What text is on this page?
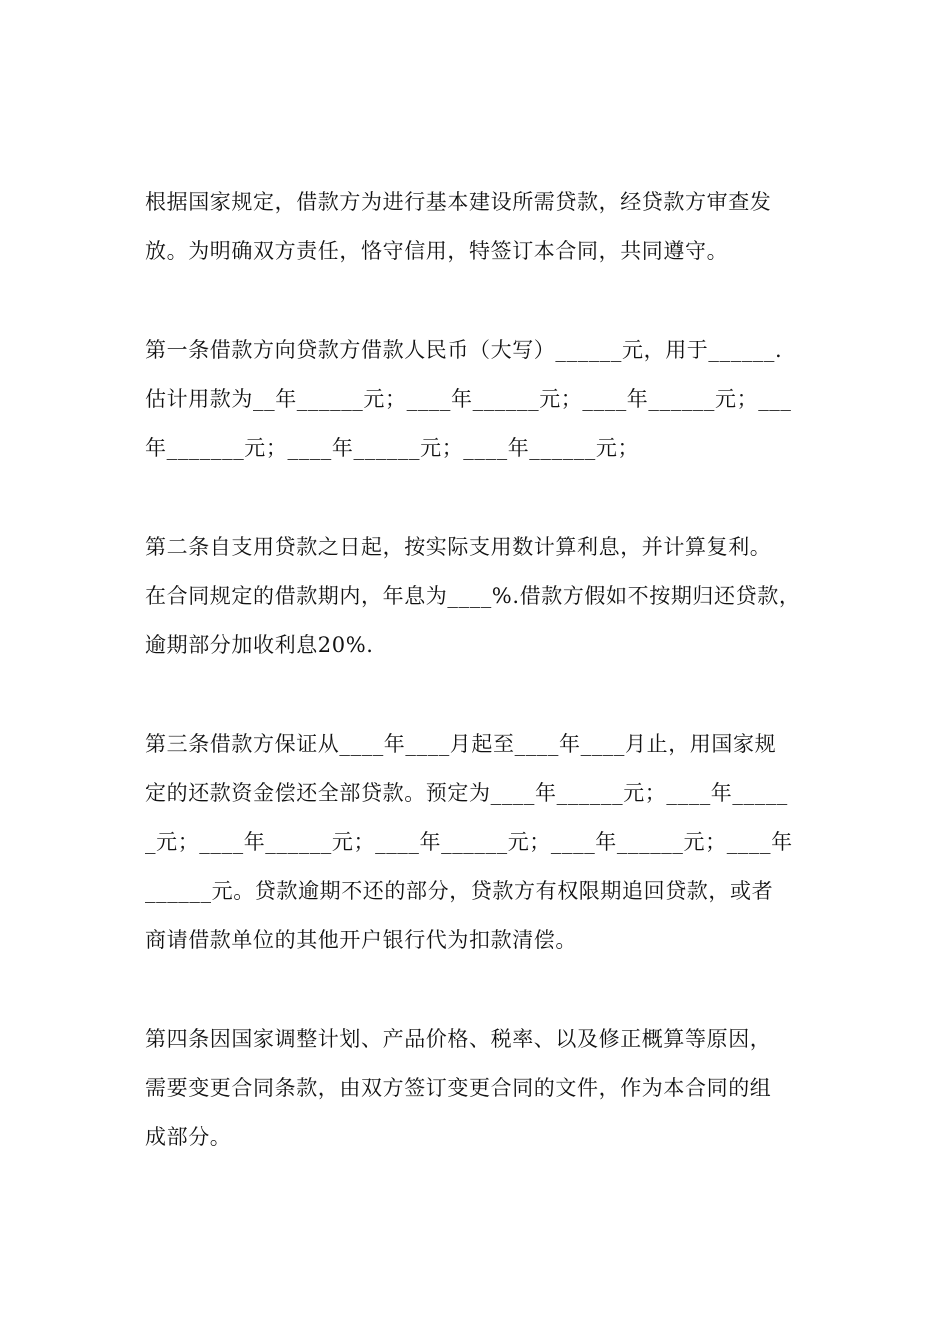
根据国家规定，借款方为进行基本建设所需贷款，经贷款方审查发
放。为明确双方责任，恪守信用，特签订本合同，共同遵守。
第一条借款方向贷款方借款人民币（大写）______元，用于______.
估计用款为__年______元；____年______元；____年______元；___
年_______元；____年______元；____年______元；
第二条自支用贷款之日起，按实际支用数计算利息，并计算复利。
在合同规定的借款期内，年息为____%.借款方假如不按期归还贷款，
逾期部分加收利息20%.
第三条借款方保证从____年____月起至____年____月止，用国家规
定的还款资金偿还全部贷款。预定为____年______元；____年_____
_元；____年______元；____年______元；____年______元；____年
______元。贷款逾期不还的部分，贷款方有权限期追回贷款，或者
商请借款单位的其他开户银行代为扣款清偿。
第四条因国家调整计划、产品价格、税率、以及修正概算等原因，
需要变更合同条款，由双方签订变更合同的文件，作为本合同的组
成部分。
